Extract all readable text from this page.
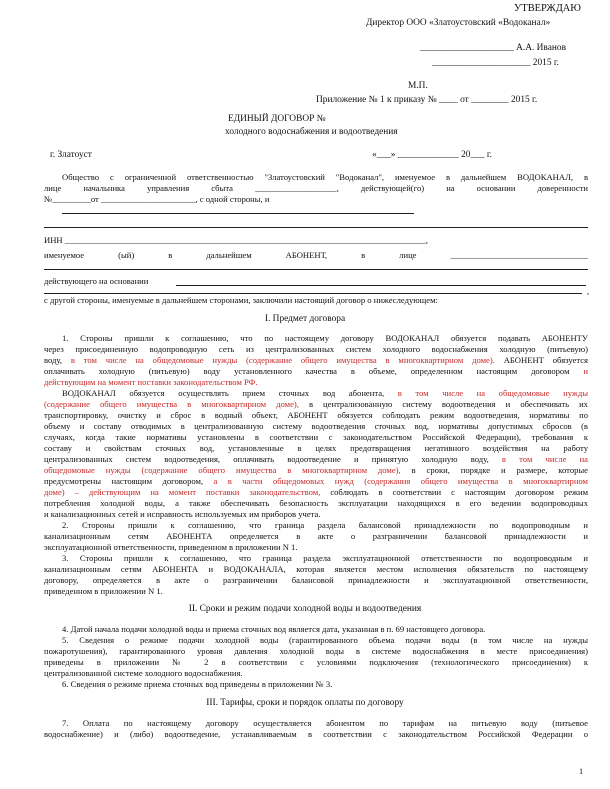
УТВЕРЖДАЮ
Директор ООО «Златоустовский «Водоканал»
____________________ А.А. Иванов
_____________________ 2015 г.
М.П.
Приложение № 1 к приказу № ____ от ________ 2015 г.
ЕДИНЫЙ ДОГОВОР №
холодного водоснабжения и водоотведения
г. Златоуст	«___» _____________ 20___ г.
Общество с ограниченной ответственностью "Златоустовский "Водоканал", именуемое в дальнейшем ВОДОКАНАЛ, в
лице начальника управления сбыта ___________________, действующей(го) на основании доверенности
№_________от ______________________, с одной стороны, и
ИНН ____________________________________________________________________________________,
именуемое (ый) в дальнейшем АБОНЕНТ, в лице ________________________________
действующего на основании
,
с другой стороны, именуемые в дальнейшем сторонами, заключили настоящий договор о нижеследующем:
I. Предмет договора
1. Стороны пришли к соглашению, что по настоящему договору ВОДОКАНАЛ обязуется подавать АБОНЕНТУ
через присоединенную водопроводную сеть из централизованных систем холодного водоснабжения холодную (питьевую)
воду, в том числе на общедомовые нужды (содержание общего имущества в многоквартирном доме). АБОНЕНТ обязуется
оплачивать холодную (питьевую) воду установленного качества в объеме, определенном настоящим договором и
действующим на момент поставки законодательством РФ.
ВОДОКАНАЛ обязуется осуществлять прием сточных вод абонента, в том числе на общедомовые нужды
(содержание общего имущества в многоквартирном доме), в централизованную систему водоотведения и обеспечивать их
транспортировку, очистку и сброс в водный объект, АБОНЕНТ обязуется соблюдать режим водоотведения, нормативы по
объему и составу отводимых в централизованную систему водоотведения сточных вод, нормативы допустимых сбросов (в
случаях, когда такие нормативы установлены в соответствии с законодательством Российской Федерации), требования к
составу и свойствам сточных вод, установленные в целях предотвращения негативного воздействия на работу
централизованных систем водоотведения, оплачивать водоотведение и принятую холодную воду, в том числе на
общедомовые нужды (содержание общего имущества в многоквартирном доме), в сроки, порядке и размере, которые
предусмотрены настоящим договором, а в части общедомовых нужд (содержания общего имущества в многоквартирном
доме) – действующим на момент поставки законодательством, соблюдать в соответствии с настоящим договором режим
потребления холодной воды, а также обеспечивать безопасность эксплуатации находящихся в его ведении водопроводных
и канализационных сетей и исправность используемых им приборов учета.
2. Стороны пришли к соглашению, что граница раздела балансовой принадлежности по водопроводным и
канализационным сетям АБОНЕНТА определяется в акте о разграничении балансовой принадлежности и
эксплуатационной ответственности, приведенном в приложении N 1.
3. Стороны пришли к соглашению, что граница раздела эксплуатационной ответственности по водопроводным и
канализационным сетям АБОНЕНТА и ВОДОКАНАЛА, которая является местом исполнения обязательств по настоящему
договору, определяется в акте о разграничении балансовой принадлежности и эксплуатационной ответственности,
приведенном в приложении N 1.
II. Сроки и режим подачи холодной воды и водоотведения
4. Датой начала подачи холодной воды и приема сточных вод является дата, указанная в п. 69 настоящего договора.
5. Сведения о режиме подачи холодной воды (гарантированного объема подачи воды (в том числе на нужды
пожаротушения), гарантированного уровня давления холодной воды в системе водоснабжения в месте присоединения)
приведены в приложении № 2 в соответствии с условиями подключения (технологического присоединения) к
централизованной системе холодного водоснабжения.
6. Сведения о режиме приема сточных вод приведены в приложении № 3.
III. Тарифы, сроки и порядок оплаты по договору
7. Оплата по настоящему договору осуществляется абонентом по тарифам на питьевую воду (питьевое
водоснабжение) и (либо) водоотведение, устанавливаемым в соответствии с законодательством Российской Федерации о
1
